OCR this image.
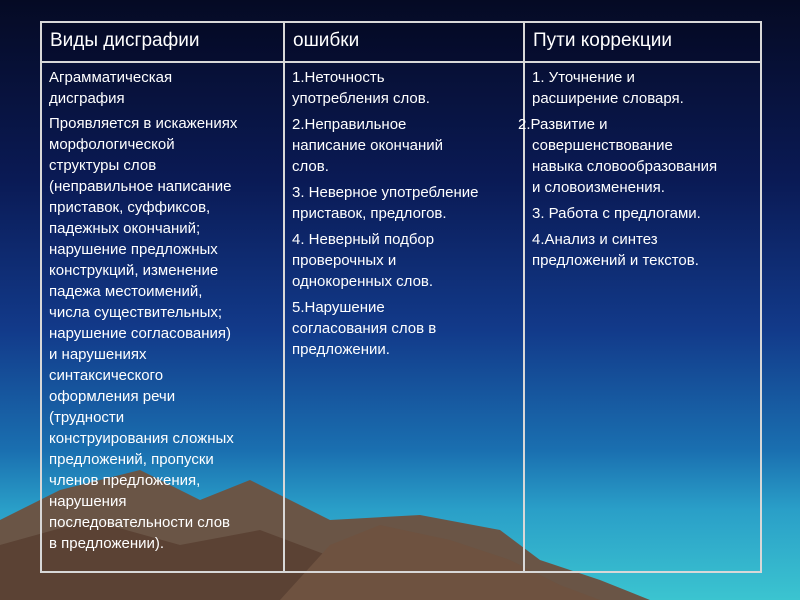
Виды дисграфии	ошибки	Пути коррекции

Аграмматическая
дисграфия

Проявляется в искажениях
морфологической
структуры слов
(неправильное написание
приставок, суффиксов,
падежных окончаний;
нарушение предложных
конструкций, изменение
падежа местоимений,
числа существительных;
нарушение согласования)
и нарушениях
синтаксического
оформления речи
(трудности
конструирования сложных
предложений, пропуски
членов предложения,
нарушения
последовательности слов
в предложении).

1.Неточность
употребления слов.

2.Неправильное
написание окончаний
слов.

3. Неверное употребление
приставок, предлогов.

4. Неверный подбор
проверочных и
однокоренных слов.

5.Нарушение
согласования слов в
предложении.

1. Уточнение и
расширение словаря.

2.Развитие и
совершенствование
навыка словообразования
и словоизменения.

3. Работа с предлогами.

4.Анализ и синтез
предложений и текстов.
